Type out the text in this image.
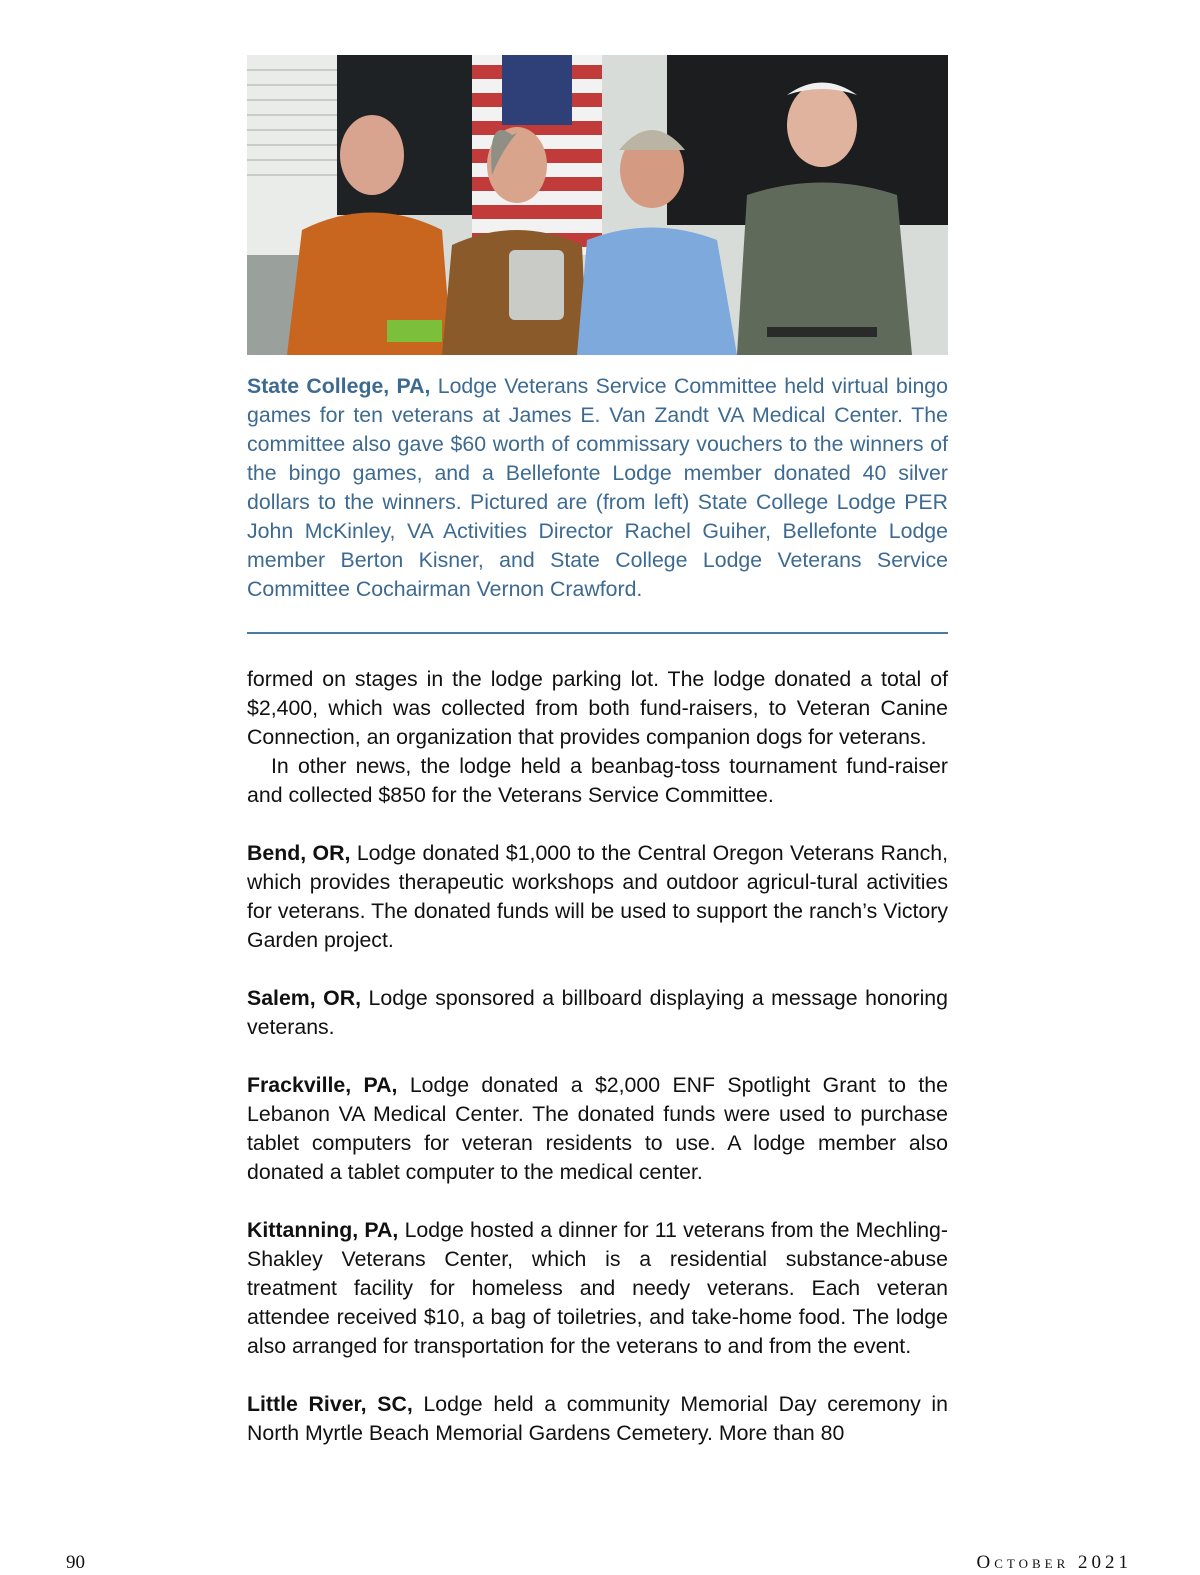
State College, PA, Lodge Veterans Service Committee held virtual bingo games for ten veterans at James E. Van Zandt VA Medical Center. The committee also gave $60 worth of commissary vouchers to the winners of the bingo games, and a Bellefonte Lodge member donated 40 silver dollars to the winners. Pictured are (from left) State College Lodge PER John McKinley, VA Activities Director Rachel Guiher, Bellefonte Lodge member Berton Kisner, and State College Lodge Veterans Service Committee Cochairman Vernon Crawford.

formed on stages in the lodge parking lot. The lodge donated a total of $2,400, which was collected from both fund-raisers, to Veteran Canine Connection, an organization that provides companion dogs for veterans.

In other news, the lodge held a beanbag-toss tournament fund-raiser and collected $850 for the Veterans Service Committee.

Bend, OR, Lodge donated $1,000 to the Central Oregon Veterans Ranch, which provides therapeutic workshops and outdoor agricul-tural activities for veterans. The donated funds will be used to support the ranch’s Victory Garden project.

Salem, OR, Lodge sponsored a billboard displaying a message honoring veterans.

Frackville, PA, Lodge donated a $2,000 ENF Spotlight Grant to the Lebanon VA Medical Center. The donated funds were used to purchase tablet computers for veteran residents to use. A lodge member also donated a tablet computer to the medical center.

Kittanning, PA, Lodge hosted a dinner for 11 veterans from the Mechling-Shakley Veterans Center, which is a residential substance-abuse treatment facility for homeless and needy veterans. Each veteran attendee received $10, a bag of toiletries, and take-home food. The lodge also arranged for transportation for the veterans to and from the event.

Little River, SC, Lodge held a community Memorial Day ceremony in North Myrtle Beach Memorial Gardens Cemetery. More than 80

90	October 2021
